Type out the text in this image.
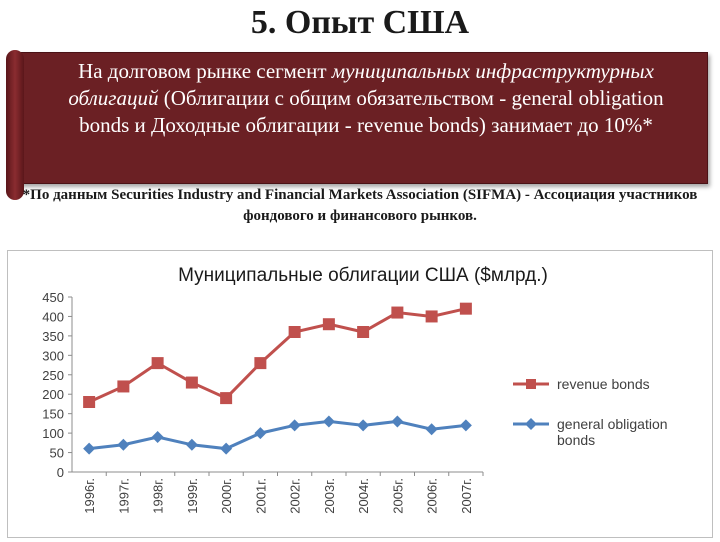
5. Опыт США
На долговом рынке сегмент муниципальных инфраструктурных облигаций (Облигации с общим обязательством - general obligation bonds и Доходные облигации - revenue bonds) занимает до 10%*
*По данным Securities Industry and Financial Markets Association (SIFMA) - Ассоциация участников фондового и финансового рынков.
Муниципальные облигации США ($млрд.)
0
50
100
150
200
250
300
350
400
450
1996г. 1997г. 1998г. 1999г. 2000г. 2001г. 2002г. 2003г. 2004г. 2005г. 2006г. 2007г.
revenue bonds
general obligation bonds
